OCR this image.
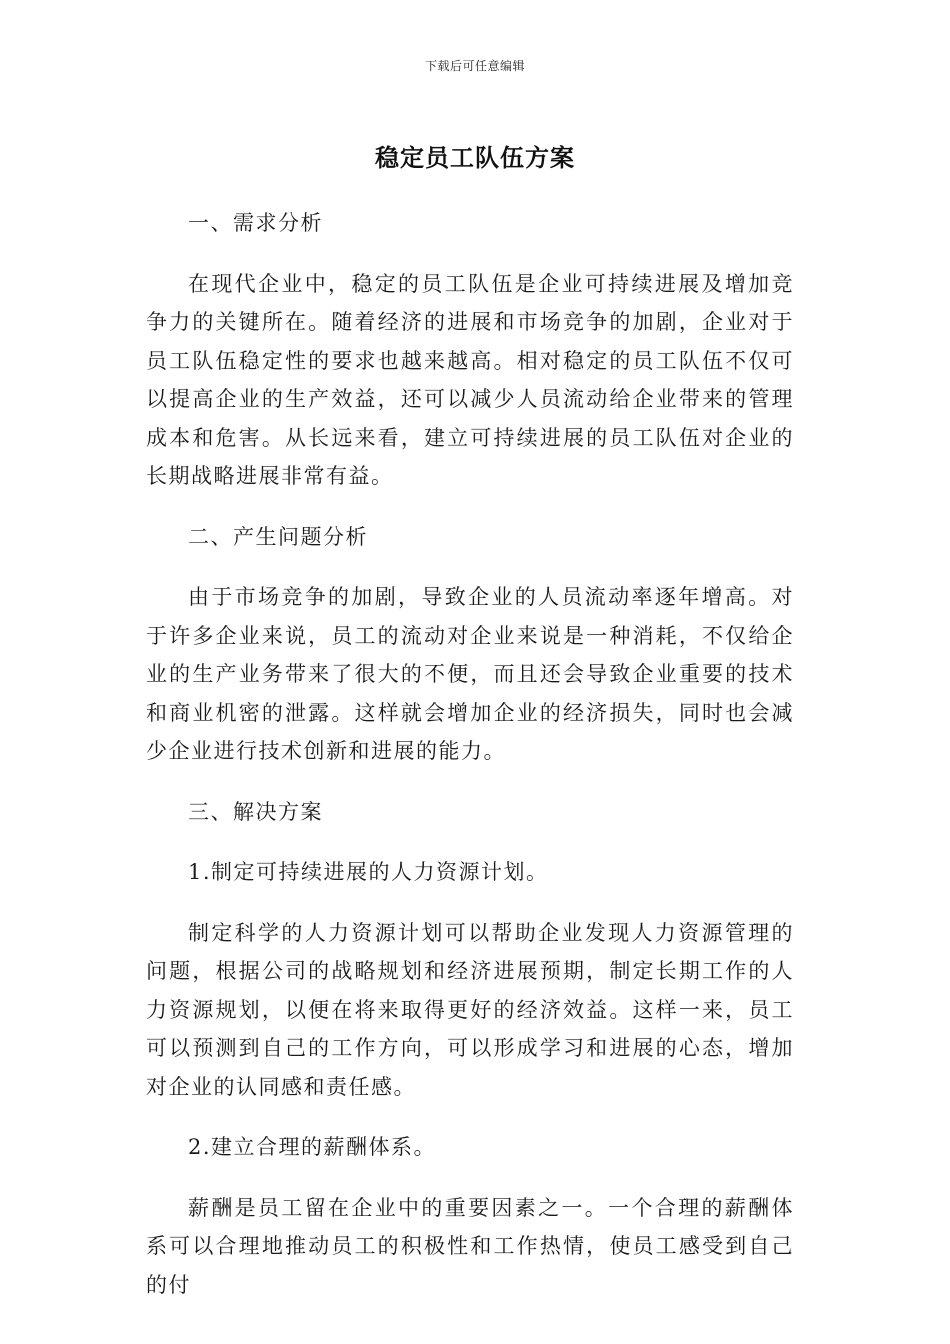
下载后可任意编辑
稳定员工队伍方案

一、需求分析

在现代企业中，稳定的员工队伍是企业可持续进展及增加竞争力的关键所在。随着经济的进展和市场竞争的加剧，企业对于员工队伍稳定性的要求也越来越高。相对稳定的员工队伍不仅可以提高企业的生产效益，还可以减少人员流动给企业带来的管理成本和危害。从长远来看，建立可持续进展的员工队伍对企业的长期战略进展非常有益。

二、产生问题分析

由于市场竞争的加剧，导致企业的人员流动率逐年增高。对于许多企业来说，员工的流动对企业来说是一种消耗，不仅给企业的生产业务带来了很大的不便，而且还会导致企业重要的技术和商业机密的泄露。这样就会增加企业的经济损失，同时也会减少企业进行技术创新和进展的能力。

三、解决方案

1.制定可持续进展的人力资源计划。

制定科学的人力资源计划可以帮助企业发现人力资源管理的问题，根据公司的战略规划和经济进展预期，制定长期工作的人力资源规划，以便在将来取得更好的经济效益。这样一来，员工可以预测到自己的工作方向，可以形成学习和进展的心态，增加对企业的认同感和责任感。

2.建立合理的薪酬体系。

薪酬是员工留在企业中的重要因素之一。一个合理的薪酬体系可以合理地推动员工的积极性和工作热情，使员工感受到自己的付
